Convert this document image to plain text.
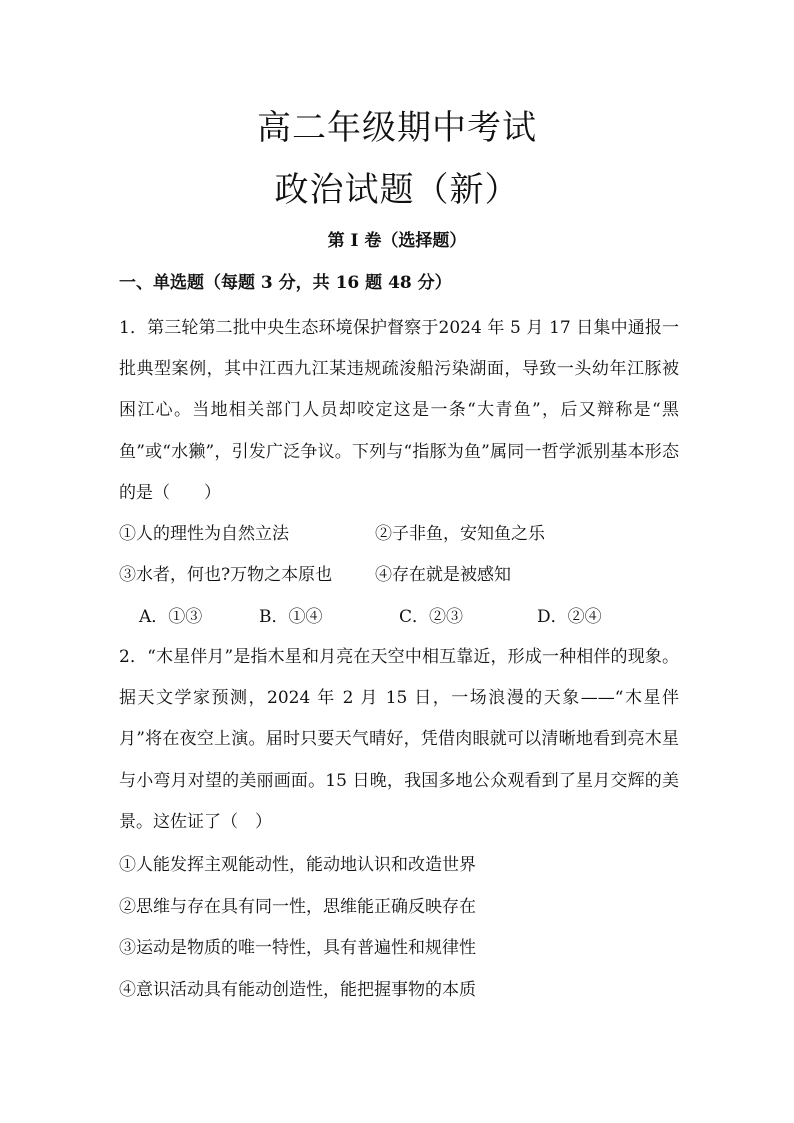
高二年级期中考试
政治试题（新）
第 I 卷（选择题）
一、单选题（每题 3 分，共 16 题 48 分）
1．第三轮第二批中央生态环境保护督察于2024 年 5 月 17 日集中通报一批典型案例，其中江西九江某违规疏浚船污染湖面，导致一头幼年江豚被困江心。当地相关部门人员却咬定这是一条“大青鱼”，后又辩称是“黑鱼”或“水獭”，引发广泛争议。下列与“指豚为鱼”属同一哲学派别基本形态的是（　　）
①人的理性为自然立法	②子非鱼，安知鱼之乐
③水者，何也?万物之本原也	④存在就是被感知
A．①③	B．①④	C．②③	D．②④
2．“木星伴月”是指木星和月亮在天空中相互靠近，形成一种相伴的现象。据天文学家预测，2024 年 2 月 15 日，一场浪漫的天象——“木星伴月”将在夜空上演。届时只要天气晴好，凭借肉眼就可以清晰地看到亮木星与小弯月对望的美丽画面。15 日晚，我国多地公众观看到了星月交辉的美景。这佐证了（　）
①人能发挥主观能动性，能动地认识和改造世界
②思维与存在具有同一性，思维能正确反映存在
③运动是物质的唯一特性，具有普遍性和规律性
④意识活动具有能动创造性，能把握事物的本质
